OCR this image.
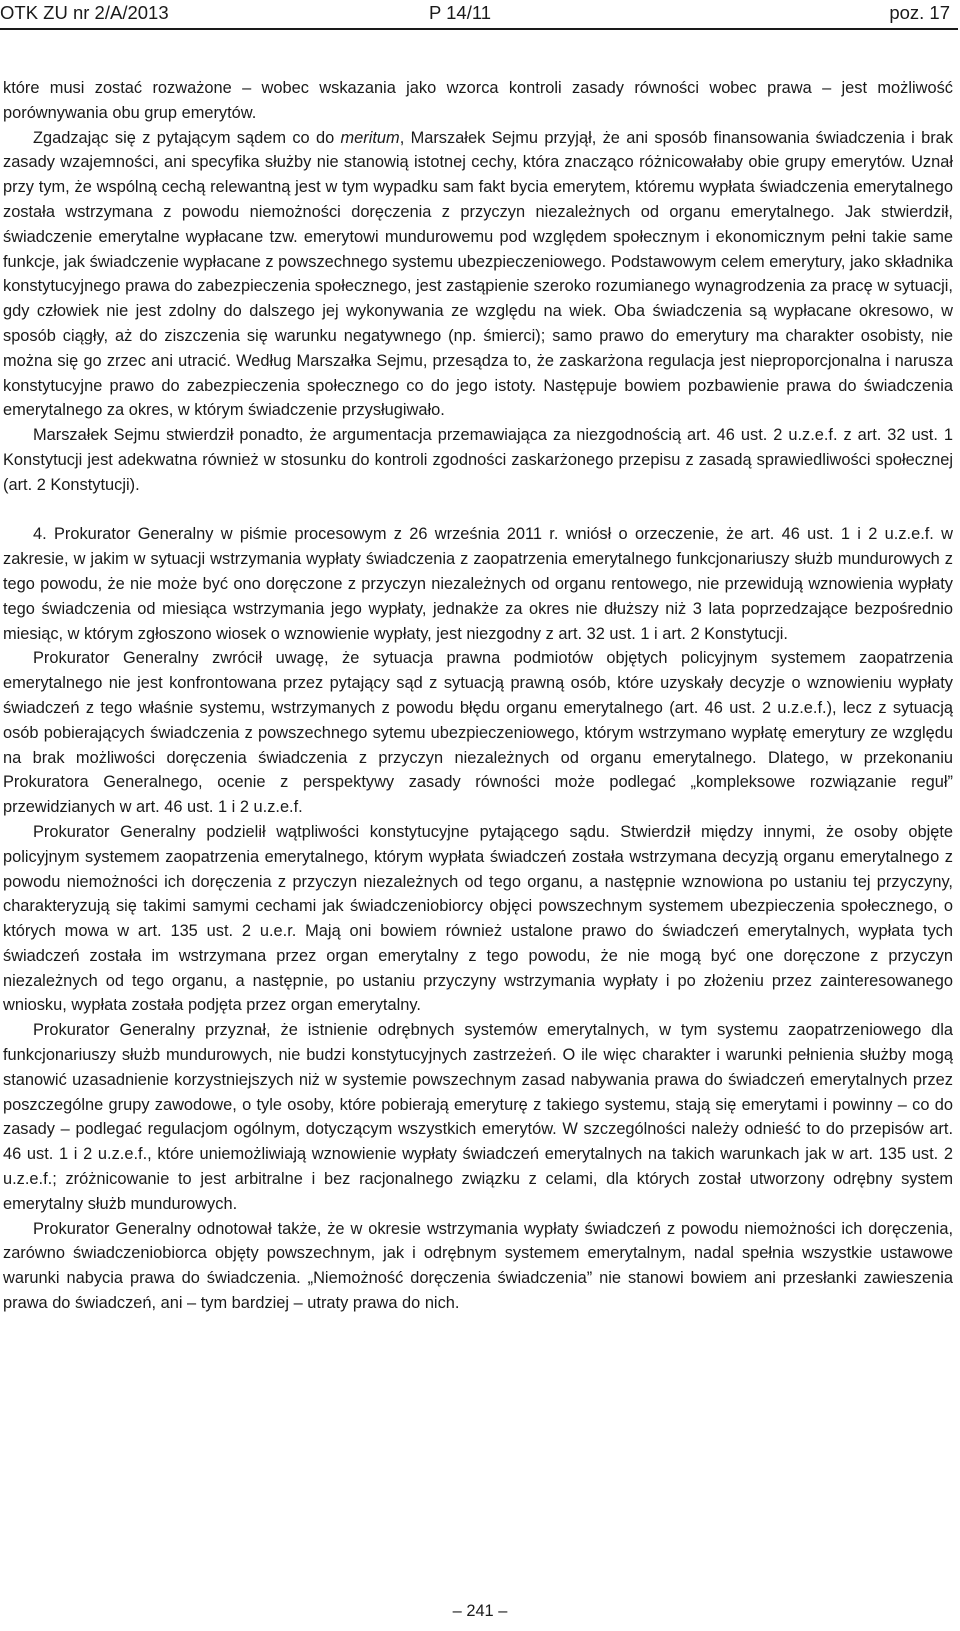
OTK ZU nr 2/A/2013	P 14/11	poz. 17

które musi zostać rozważone – wobec wskazania jako wzorca kontroli zasady równości wobec prawa – jest możliwość porównywania obu grup emerytów.

Zgadzając się z pytającym sądem co do meritum, Marszałek Sejmu przyjął, że ani sposób finansowania świadczenia i brak zasady wzajemności, ani specyfika służby nie stanowią istotnej cechy, która znacząco różnicowałaby obie grupy emerytów. Uznał przy tym, że wspólną cechą relewantną jest w tym wypadku sam fakt bycia emerytem, któremu wypłata świadczenia emerytalnego została wstrzymana z powodu niemożności doręczenia z przyczyn niezależnych od organu emerytalnego. Jak stwierdził, świadczenie emerytalne wypłacane tzw. emerytowi mundurowemu pod względem społecznym i ekonomicznym pełni takie same funkcje, jak świadczenie wypłacane z powszechnego systemu ubezpieczeniowego. Podstawowym celem emerytury, jako składnika konstytucyjnego prawa do zabezpieczenia społecznego, jest zastąpienie szeroko rozumianego wynagrodzenia za pracę w sytuacji, gdy człowiek nie jest zdolny do dalszego jej wykonywania ze względu na wiek. Oba świadczenia są wypłacane okresowo, w sposób ciągły, aż do ziszczenia się warunku negatywnego (np. śmierci); samo prawo do emerytury ma charakter osobisty, nie można się go zrzec ani utracić. Według Marszałka Sejmu, przesądza to, że zaskarżona regulacja jest nieproporcjonalna i narusza konstytucyjne prawo do zabezpieczenia społecznego co do jego istoty. Następuje bowiem pozbawienie prawa do świadczenia emerytalnego za okres, w którym świadczenie przysługiwało.

Marszałek Sejmu stwierdził ponadto, że argumentacja przemawiająca za niezgodnością art. 46 ust. 2 u.z.e.f. z art. 32 ust. 1 Konstytucji jest adekwatna również w stosunku do kontroli zgodności zaskarżonego przepisu z zasadą sprawiedliwości społecznej (art. 2 Konstytucji).

4. Prokurator Generalny w piśmie procesowym z 26 września 2011 r. wniósł o orzeczenie, że art. 46 ust. 1 i 2 u.z.e.f. w zakresie, w jakim w sytuacji wstrzymania wypłaty świadczenia z zaopatrzenia emerytalnego funkcjonariuszy służb mundurowych z tego powodu, że nie może być ono doręczone z przyczyn niezależnych od organu rentowego, nie przewidują wznowienia wypłaty tego świadczenia od miesiąca wstrzymania jego wypłaty, jednakże za okres nie dłuższy niż 3 lata poprzedzające bezpośrednio miesiąc, w którym zgłoszono wiosek o wznowienie wypłaty, jest niezgodny z art. 32 ust. 1 i art. 2 Konstytucji.

Prokurator Generalny zwrócił uwagę, że sytuacja prawna podmiotów objętych policyjnym systemem zaopatrzenia emerytalnego nie jest konfrontowana przez pytający sąd z sytuacją prawną osób, które uzyskały decyzje o wznowieniu wypłaty świadczeń z tego właśnie systemu, wstrzymanych z powodu błędu organu emerytalnego (art. 46 ust. 2 u.z.e.f.), lecz z sytuacją osób pobierających świadczenia z powszechnego sytemu ubezpieczeniowego, którym wstrzymano wypłatę emerytury ze względu na brak możliwości doręczenia świadczenia z przyczyn niezależnych od organu emerytalnego. Dlatego, w przekonaniu Prokuratora Generalnego, ocenie z perspektywy zasady równości może podlegać „kompleksowe rozwiązanie reguł” przewidzianych w art. 46 ust. 1 i 2 u.z.e.f.

Prokurator Generalny podzielił wątpliwości konstytucyjne pytającego sądu. Stwierdził między innymi, że osoby objęte policyjnym systemem zaopatrzenia emerytalnego, którym wypłata świadczeń została wstrzymana decyzją organu emerytalnego z powodu niemożności ich doręczenia z przyczyn niezależnych od tego organu, a następnie wznowiona po ustaniu tej przyczyny, charakteryzują się takimi samymi cechami jak świadczeniobiorcy objęci powszechnym systemem ubezpieczenia społecznego, o których mowa w art. 135 ust. 2 u.e.r. Mają oni bowiem również ustalone prawo do świadczeń emerytalnych, wypłata tych świadczeń została im wstrzymana przez organ emerytalny z tego powodu, że nie mogą być one doręczone z przyczyn niezależnych od tego organu, a następnie, po ustaniu przyczyny wstrzymania wypłaty i po złożeniu przez zainteresowanego wniosku, wypłata została podjęta przez organ emerytalny.

Prokurator Generalny przyznał, że istnienie odrębnych systemów emerytalnych, w tym systemu zaopatrzeniowego dla funkcjonariuszy służb mundurowych, nie budzi konstytucyjnych zastrzeżeń. O ile więc charakter i warunki pełnienia służby mogą stanowić uzasadnienie korzystniejszych niż w systemie powszechnym zasad nabywania prawa do świadczeń emerytalnych przez poszczególne grupy zawodowe, o tyle osoby, które pobierają emeryturę z takiego systemu, stają się emerytami i powinny – co do zasady – podlegać regulacjom ogólnym, dotyczącym wszystkich emerytów. W szczególności należy odnieść to do przepisów art. 46 ust. 1 i 2 u.z.e.f., które uniemożliwiają wznowienie wypłaty świadczeń emerytalnych na takich warunkach jak w art. 135 ust. 2 u.z.e.f.; zróżnicowanie to jest arbitralne i bez racjonalnego związku z celami, dla których został utworzony odrębny system emerytalny służb mundurowych.

Prokurator Generalny odnotował także, że w okresie wstrzymania wypłaty świadczeń z powodu niemożności ich doręczenia, zarówno świadczeniobiorca objęty powszechnym, jak i odrębnym systemem emerytalnym, nadal spełnia wszystkie ustawowe warunki nabycia prawa do świadczenia. „Niemożność doręczenia świadczenia” nie stanowi bowiem ani przesłanki zawieszenia prawa do świadczeń, ani – tym bardziej – utraty prawa do nich.

– 241 –
